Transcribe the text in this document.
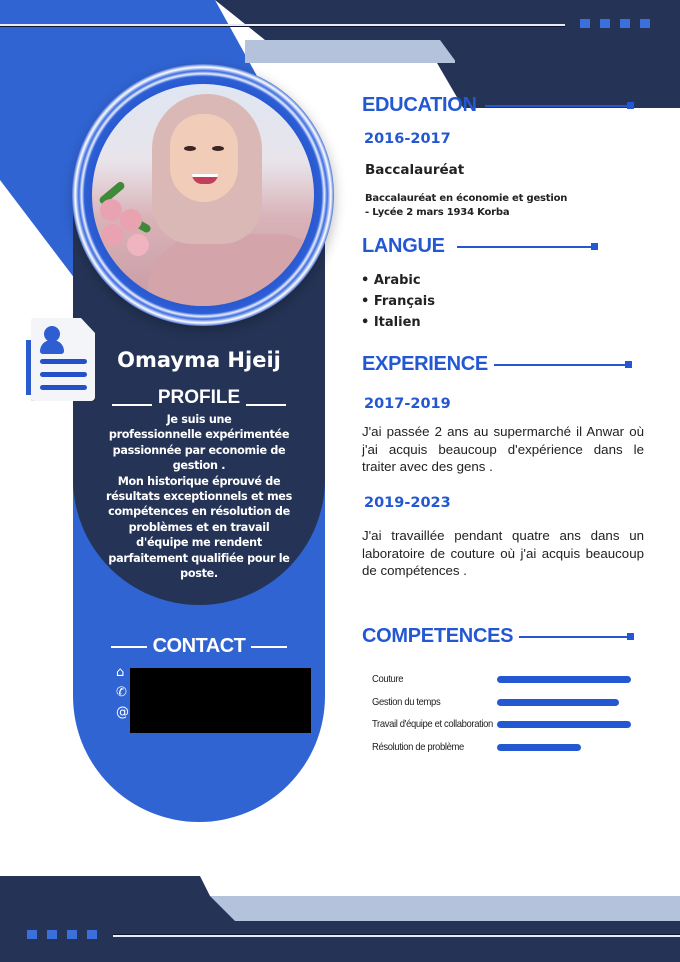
Omayma Hjeij
PROFILE
Je suis une
professionnelle expérimentée
passionnée par economie de
gestion .
Mon historique éprouvé de
résultats exceptionnels et mes
compétences en résolution de
problèmes et en travail
d'équipe me rendent
parfaitement qualifiée pour le
poste.
CONTACT
⌂
✆
@
EDUCATION
2016-2017
Baccalauréat
Baccalauréat en économie et gestion
- Lycée 2 mars 1934 Korba
LANGUE
• Arabic
• Français
• Italien
EXPERIENCE
2017-2019
J'ai passée 2 ans au supermarché il Anwar où j'ai acquis beaucoup d'expérience dans le traiter avec des gens .
2019-2023
J'ai travaillée pendant quatre ans dans un laboratoire de couture où j'ai acquis beaucoup de compétences .
COMPETENCES
Couture
Gestion du temps
Travail d'équipe et collaboration
Résolution de problème
